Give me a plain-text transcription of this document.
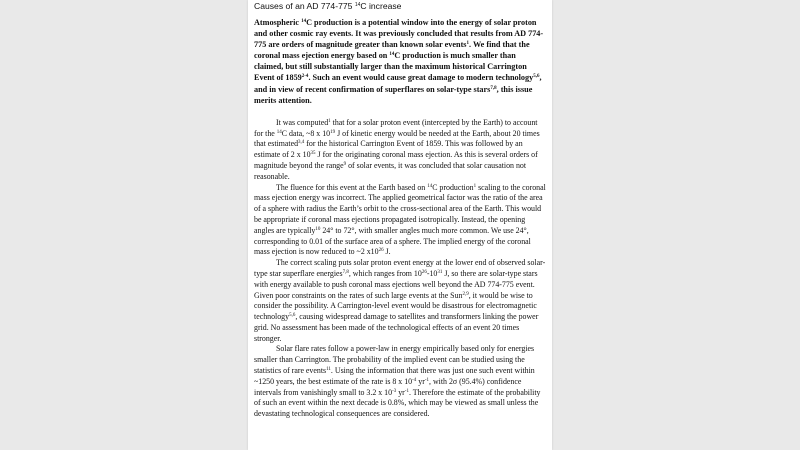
Causes of an AD 774-775 $^{14}$C increase
Atmospheric $^{14}$C production is a potential window into the energy of solar proton and other cosmic ray events. It was previously concluded that results from AD 774-775 are orders of magnitude greater than known solar events$^1$. We find that the coronal mass ejection energy based on $^{14}$C production is much smaller than claimed, but still substantially larger than the maximum historical Carrington Event of 1859$^{2-4}$. Such an event would cause great damage to modern technology$^{5,6}$, and in view of recent confirmation of superflares on solar-type stars$^{7,8}$, this issue merits attention.

It was computed$^1$ that for a solar proton event (intercepted by the Earth) to account for the $^{14}$C data, ~8 x $10^{19}$ J of kinetic energy would be needed at the Earth, about 20 times that estimated$^{3,4}$ for the historical Carrington Event of 1859. This was followed by an estimate of 2 x $10^{35}$ J for the originating coronal mass ejection. As this is several orders of magnitude beyond the range$^9$ of solar events, it was concluded that solar causation not reasonable.

The fluence for this event at the Earth based on $^{14}$C production$^1$ scaling to the coronal mass ejection energy was incorrect. The applied geometrical factor was the ratio of the area of a sphere with radius the Earth’s orbit to the cross-sectional area of the Earth. This would be appropriate if coronal mass ejections propagated isotropically. Instead, the opening angles are typically$^{10}$ 24° to 72°, with smaller angles much more common. We use 24°, corresponding to 0.01 of the surface area of a sphere. The implied energy of the coronal mass ejection is now reduced to ~2 $x10^{26}$ J.

The correct scaling puts solar proton event energy at the lower end of observed solar-type star superflare energies$^{7,8}$, which ranges from $10^{26}-10^{31}$ J, so there are solar-type stars with energy available to push coronal mass ejections well beyond the AD 774-775 event. Given poor constraints on the rates of such large events at the Sun$^{2,9}$, it would be wise to consider the possibility. A Carrington-level event would be disastrous for electromagnetic technology$^{5,6}$, causing widespread damage to satellites and transformers linking the power grid. No assessment has been made of the technological effects of an event 20 times stronger.

Solar flare rates follow a power-law in energy empirically based only for energies smaller than Carrington. The probability of the implied event can be studied using the statistics of rare events$^{11}$. Using the information that there was just one such event within ~1250 years, the best estimate of the rate is 8 x $10^{-4}$ $yr^{-1}$, with 2σ (95.4%) confidence intervals from vanishingly small to 3.2 x $10^{-3}$ $yr^{-1}$. Therefore the estimate of the probability of such an event within the next decade is 0.8%, which may be viewed as small unless the devastating technological consequences are considered.
